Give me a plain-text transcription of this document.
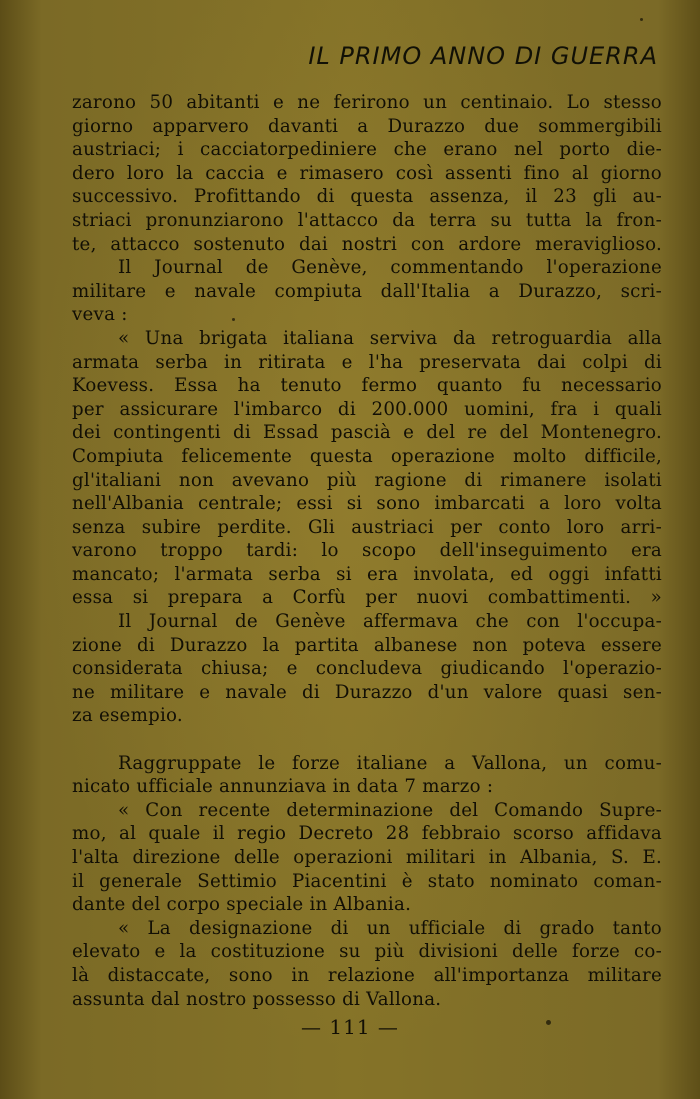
IL PRIMO ANNO DI GUERRA
zarono 50 abitanti e ne ferirono un centinaio. Lo stesso
giorno apparvero davanti a Durazzo due sommergibili
austriaci; i cacciatorpediniere che erano nel porto die-
dero loro la caccia e rimasero così assenti fino al giorno
successivo. Profittando di questa assenza, il 23 gli au-
striaci pronunziarono l'attacco da terra su tutta la fron-
te, attacco sostenuto dai nostri con ardore meraviglioso.
Il Journal de Genève, commentando l'operazione
militare e navale compiuta dall'Italia a Durazzo, scri-
veva :
« Una brigata italiana serviva da retroguardia alla
armata serba in ritirata e l'ha preservata dai colpi di
Koevess. Essa ha tenuto fermo quanto fu necessario
per assicurare l'imbarco di 200.000 uomini, fra i quali
dei contingenti di Essad pascià e del re del Montenegro.
Compiuta felicemente questa operazione molto difficile,
gl'italiani non avevano più ragione di rimanere isolati
nell'Albania centrale; essi si sono imbarcati a loro volta
senza subire perdite. Gli austriaci per conto loro arri-
varono troppo tardi: lo scopo dell'inseguimento era
mancato; l'armata serba si era involata, ed oggi infatti
essa si prepara a Corfù per nuovi combattimenti. »
Il Journal de Genève affermava che con l'occupa-
zione di Durazzo la partita albanese non poteva essere
considerata chiusa; e concludeva giudicando l'operazio-
ne militare e navale di Durazzo d'un valore quasi sen-
za esempio.
Raggruppate le forze italiane a Vallona, un comu-
nicato ufficiale annunziava in data 7 marzo :
« Con recente determinazione del Comando Supre-
mo, al quale il regio Decreto 28 febbraio scorso affidava
l'alta direzione delle operazioni militari in Albania, S. E.
il generale Settimio Piacentini è stato nominato coman-
dante del corpo speciale in Albania.
« La designazione di un ufficiale di grado tanto
elevato e la costituzione su più divisioni delle forze co-
là distaccate, sono in relazione all'importanza militare
assunta dal nostro possesso di Vallona.
— 111 —
